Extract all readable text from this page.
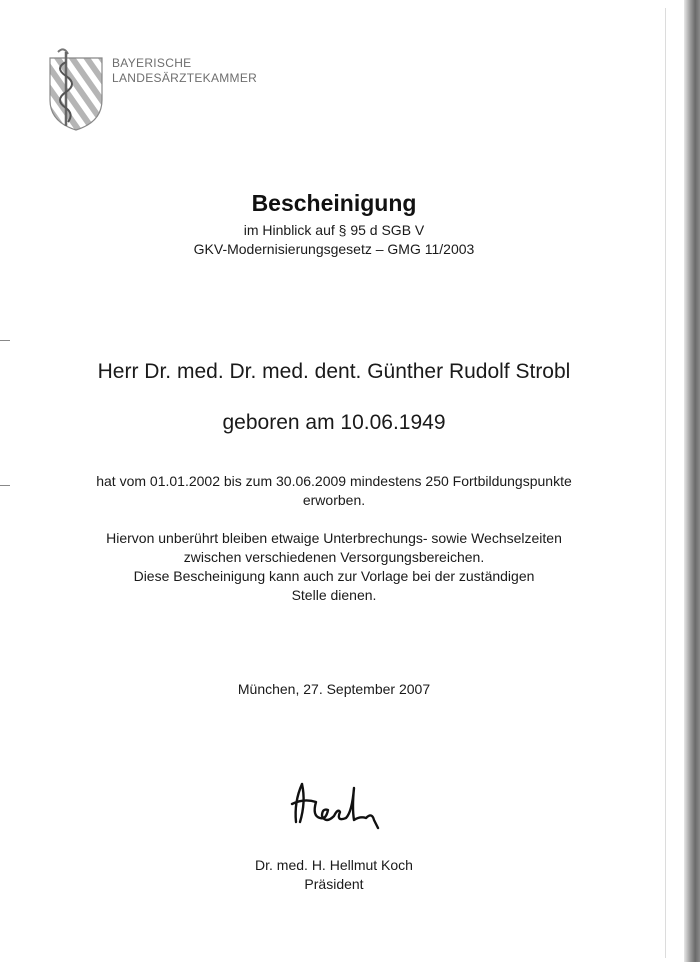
BAYERISCHE
LANDESÄRZTEKAMMER
Bescheinigung
im Hinblick auf § 95 d SGB V
GKV-Modernisierungsgesetz – GMG 11/2003
Herr Dr. med. Dr. med. dent. Günther Rudolf Strobl
geboren am 10.06.1949
hat vom 01.01.2002 bis zum 30.06.2009 mindestens 250 Fortbildungspunkte
erworben.
Hiervon unberührt bleiben etwaige Unterbrechungs- sowie Wechselzeiten
zwischen verschiedenen Versorgungsbereichen.
Diese Bescheinigung kann auch zur Vorlage bei der zuständigen
Stelle dienen.
München, 27. September 2007
Dr. med. H. Hellmut Koch
Präsident
